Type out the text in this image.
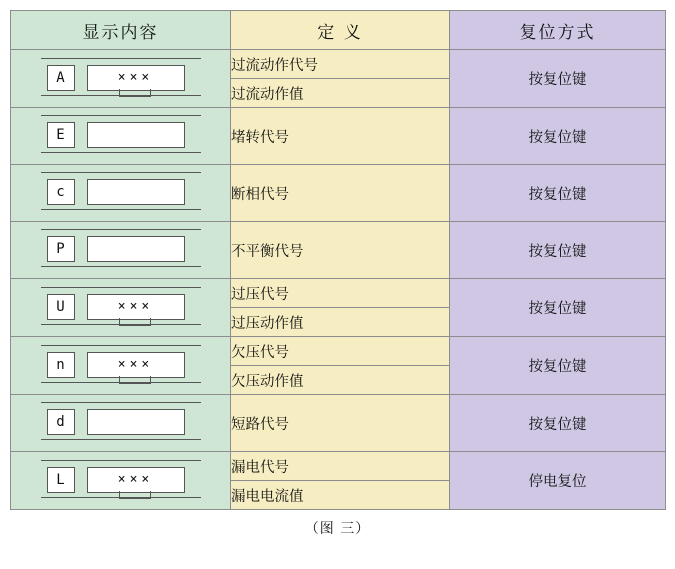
显示内容	定 义	复位方式

A ×××	过流动作代号	按复位键
	过流动作值	

E	堵转代号	按复位键

c	断相代号	按复位键

P	不平衡代号	按复位键

U ×××	过压代号	按复位键
	过压动作值	

n ×××	欠压代号	按复位键
	欠压动作值	

d	短路代号	按复位键

L ×××	漏电代号	停电复位
	漏电电流值	
（图 三）
